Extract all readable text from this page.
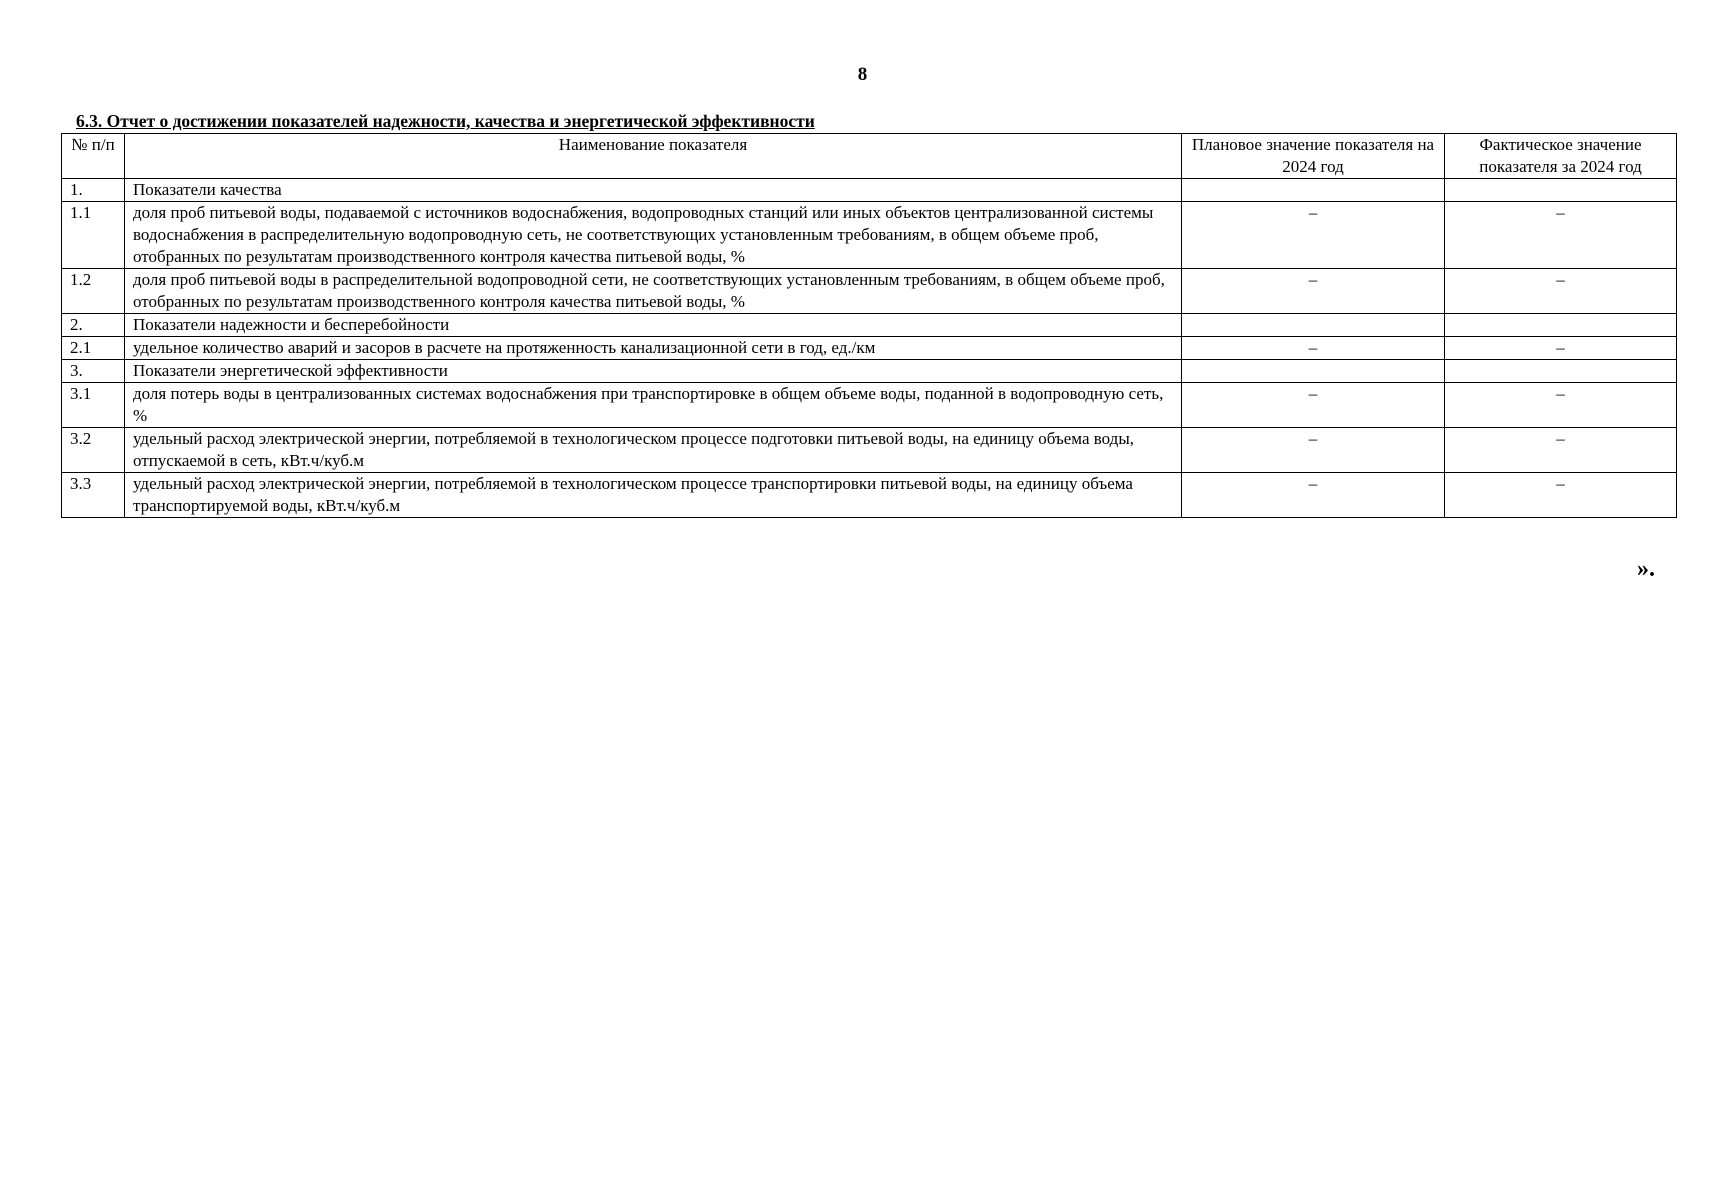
8
6.3. Отчет о достижении показателей надежности, качества и энергетической эффективности
№ п/п	Наименование показателя	Плановое значение показателя на 2024 год	Фактическое значение показателя за 2024 год
1.	Показатели качества		
1.1	доля проб питьевой воды, подаваемой с источников водоснабжения, водопроводных станций или иных объектов централизованной системы водоснабжения в распределительную водопроводную сеть, не соответствующих установленным требованиям, в общем объеме проб, отобранных по результатам производственного контроля качества питьевой воды, %	–	–
1.2	доля проб питьевой воды в распределительной водопроводной сети, не соответствующих установленным требованиям, в общем объеме проб, отобранных по результатам производственного контроля качества питьевой воды, %	–	–
2.	Показатели надежности и бесперебойности		
2.1	удельное количество аварий и засоров в расчете на протяженность канализационной сети в год, ед./км	–	–
3.	Показатели энергетической эффективности		
3.1	доля потерь воды в централизованных системах водоснабжения при транспортировке в общем объеме воды, поданной в водопроводную сеть, %	–	–
3.2	удельный расход электрической энергии, потребляемой в технологическом процессе подготовки питьевой воды, на единицу объема воды, отпускаемой в сеть, кВт.ч/куб.м	–	–
3.3	удельный расход электрической энергии, потребляемой в технологическом процессе транспортировки питьевой воды, на единицу объема транспортируемой воды, кВт.ч/куб.м	–	–
».
